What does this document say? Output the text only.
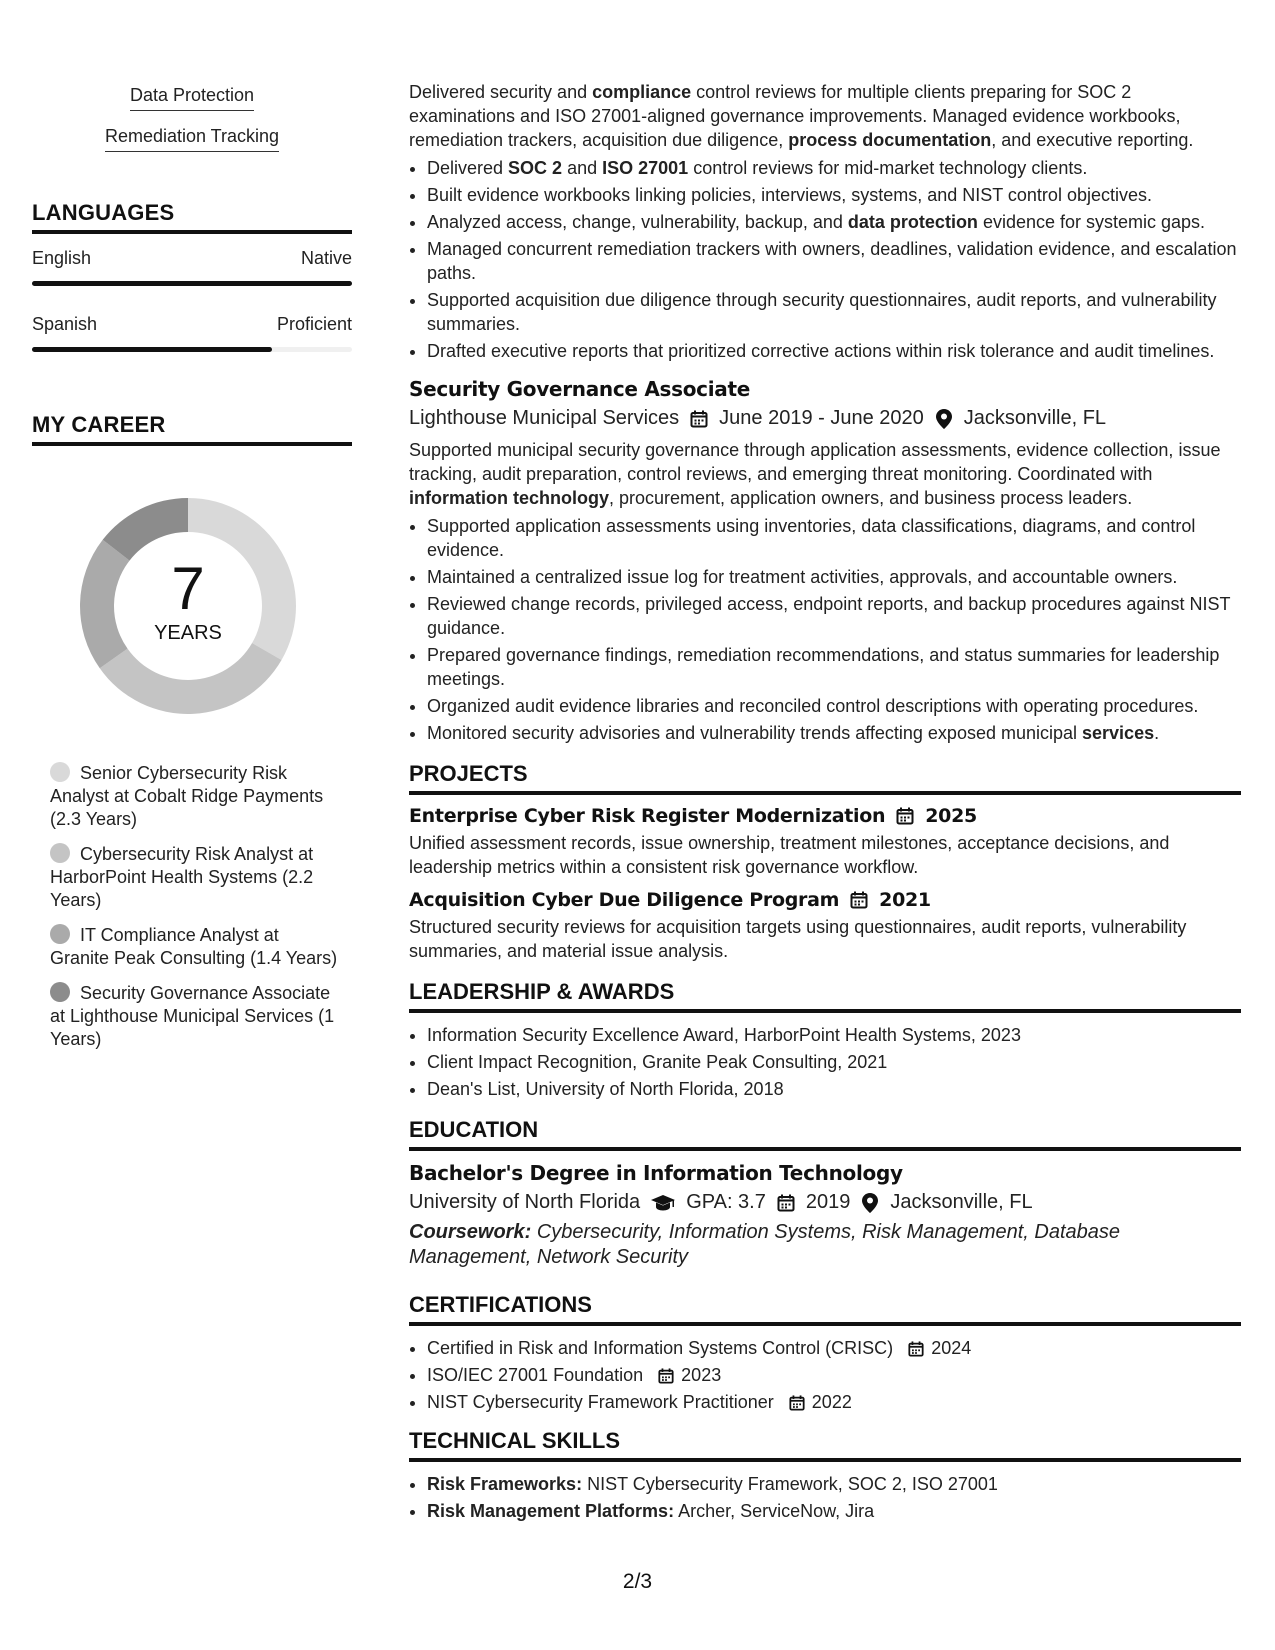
Data Protection
Remediation Tracking
LANGUAGES
English	Native
Spanish	Proficient
MY CAREER
7
YEARS
Senior Cybersecurity Risk Analyst at Cobalt Ridge Payments (2.3 Years)
Cybersecurity Risk Analyst at HarborPoint Health Systems (2.2 Years)
IT Compliance Analyst at Granite Peak Consulting (1.4 Years)
Security Governance Associate at Lighthouse Municipal Services (1 Years)

Delivered security and compliance control reviews for multiple clients preparing for SOC 2 examinations and ISO 27001-aligned governance improvements. Managed evidence workbooks, remediation trackers, acquisition due diligence, process documentation, and executive reporting.

• Delivered SOC 2 and ISO 27001 control reviews for mid-market technology clients.
• Built evidence workbooks linking policies, interviews, systems, and NIST control objectives.
• Analyzed access, change, vulnerability, backup, and data protection evidence for systemic gaps.
• Managed concurrent remediation trackers with owners, deadlines, validation evidence, and escalation paths.
• Supported acquisition due diligence through security questionnaires, audit reports, and vulnerability summaries.
• Drafted executive reports that prioritized corrective actions within risk tolerance and audit timelines.
Security Governance Associate
Lighthouse Municipal Services June 2019 - June 2020 Jacksonville, FL

Supported municipal security governance through application assessments, evidence collection, issue tracking, audit preparation, control reviews, and emerging threat monitoring. Coordinated with information technology, procurement, application owners, and business process leaders.

• Supported application assessments using inventories, data classifications, diagrams, and control evidence.
• Maintained a centralized issue log for treatment activities, approvals, and accountable owners.
• Reviewed change records, privileged access, endpoint reports, and backup procedures against NIST guidance.
• Prepared governance findings, remediation recommendations, and status summaries for leadership meetings.
• Organized audit evidence libraries and reconciled control descriptions with operating procedures.
• Monitored security advisories and vulnerability trends affecting exposed municipal services.
PROJECTS
Enterprise Cyber Risk Register Modernization 2025

Unified assessment records, issue ownership, treatment milestones, acceptance decisions, and leadership metrics within a consistent risk governance workflow.

Acquisition Cyber Due Diligence Program 2021

Structured security reviews for acquisition targets using questionnaires, audit reports, vulnerability summaries, and material issue analysis.

LEADERSHIP & AWARDS
• Information Security Excellence Award, HarborPoint Health Systems, 2023
• Client Impact Recognition, Granite Peak Consulting, 2021
• Dean's List, University of North Florida, 2018
EDUCATION
Bachelor's Degree in Information Technology
University of North Florida GPA: 3.7 2019 Jacksonville, FL
Coursework: Cybersecurity, Information Systems, Risk Management, Database Management, Network Security
CERTIFICATIONS
• Certified in Risk and Information Systems Control (CRISC) 2024
• ISO/IEC 27001 Foundation 2023
• NIST Cybersecurity Framework Practitioner 2022
TECHNICAL SKILLS
• Risk Frameworks: NIST Cybersecurity Framework, SOC 2, ISO 27001
• Risk Management Platforms: Archer, ServiceNow, Jira
2/3
